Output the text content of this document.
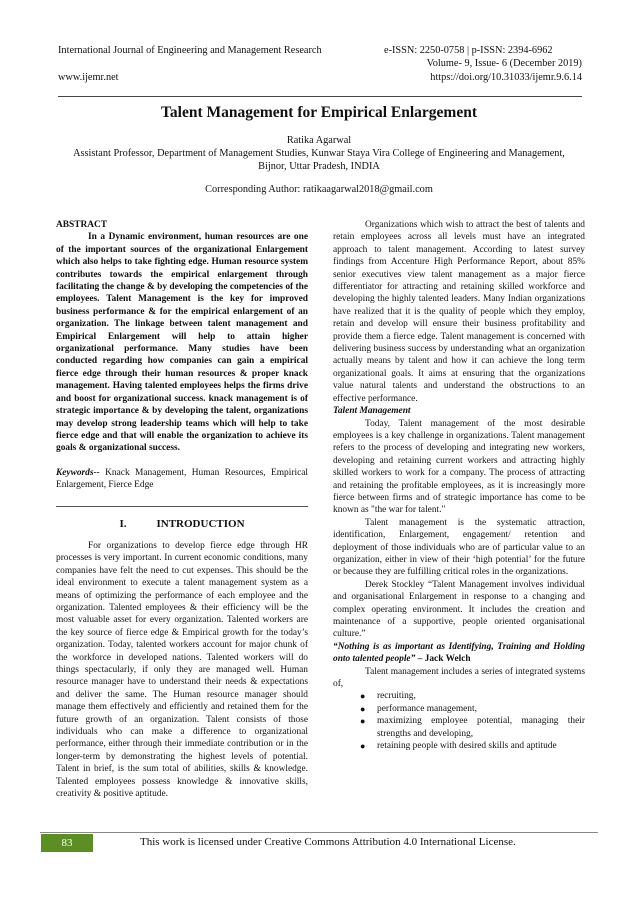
International Journal of Engineering and Management Research	e-ISSN: 2250-0758 | p-ISSN: 2394-6962
www.ijemr.net
Volume- 9, Issue- 6 (December 2019)
https://doi.org/10.31033/ijemr.9.6.14
Talent Management for Empirical Enlargement
Ratika Agarwal
Assistant Professor, Department of Management Studies, Kunwar Staya Vira College of Engineering and Management,
Bijnor, Uttar Pradesh, INDIA
Corresponding Author: ratikaagarwal2018@gmail.com

ABSTRACT

In a Dynamic environment, human resources are one of the important sources of the organizational Enlargement which also helps to take fighting edge. Human resource system contributes towards the empirical enlargement through facilitating the change & by developing the competencies of the employees. Talent Management is the key for improved business performance & for the empirical enlargement of an organization. The linkage between talent management and Empirical Enlargement will help to attain higher organizational performance. Many studies have been conducted regarding how companies can gain a empirical fierce edge through their human resources & proper knack management. Having talented employees helps the firms drive and boost for organizational success. knack management is of strategic importance & by developing the talent, organizations may develop strong leadership teams which will help to take fierce edge and that will enable the organization to achieve its goals & organizational success.

Keywords-- Knack Management, Human Resources, Empirical Enlargement, Fierce Edge

I.	INTRODUCTION

For organizations to develop fierce edge through HR processes is very important. In current economic conditions, many companies have felt the need to cut expenses. This should be the ideal environment to execute a talent management system as a means of optimizing the performance of each employee and the organization. Talented employees & their efficiency will be the most valuable asset for every organization. Talented workers are the key source of fierce edge & Empirical growth for the today’s organization. Today, talented workers account for major chunk of the workforce in developed nations. Talented workers will do things spectacularly, if only they are managed well. Human resource manager have to understand their needs & expectations and deliver the same. The Human resource manager should manage them effectively and efficiently and retained them for the future growth of an organization. Talent consists of those individuals who can make a difference to organizational performance, either through their immediate contribution or in the longer-term by demonstrating the highest levels of potential. Talent in brief, is the sum total of abilities, skills & knowledge. Talented employees possess knowledge & innovative skills, creativity & positive aptitude.

Organizations which wish to attract the best of talents and retain employees across all levels must have an integrated approach to talent management. According to latest survey findings from Accenture High Performance Report, about 85% senior executives view talent management as a major fierce differentiator for attracting and retaining skilled workforce and developing the highly talented leaders. Many Indian organizations have realized that it is the quality of people which they employ, retain and develop will ensure their business profitability and provide them a fierce edge. Talent management is concerned with delivering business success by understanding what an organization actually means by talent and how it can achieve the long term organizational goals. It aims at ensuring that the organizations value natural talents and understand the obstructions to an effective performance.

Talent Management

Today, Talent management of the most desirable employees is a key challenge in organizations. Talent management refers to the process of developing and integrating new workers, developing and retaining current workers and attracting highly skilled workers to work for a company. The process of attracting and retaining the profitable employees, as it is increasingly more fierce between firms and of strategic importance has come to be known as "the war for talent."

Talent management is the systematic attraction, identification, Enlargement, engagement/ retention and deployment of those individuals who are of particular value to an organization, either in view of their ‘high potential’ for the future or because they are fulfilling critical roles in the organizations.

Derek Stockley “Talent Management involves individual and organisational Enlargement in response to a changing and complex operating environment. It includes the creation and maintenance of a supportive, people oriented organisational culture.”

“Nothing is as important as Identifying, Training and Holding onto talented people” – Jack Welch

Talent management includes a series of integrated systems of,

● recruiting,
● performance management,
● maximizing employee potential, managing their strengths and developing,
● retaining people with desired skills and aptitude
83	This work is licensed under Creative Commons Attribution 4.0 International License.
